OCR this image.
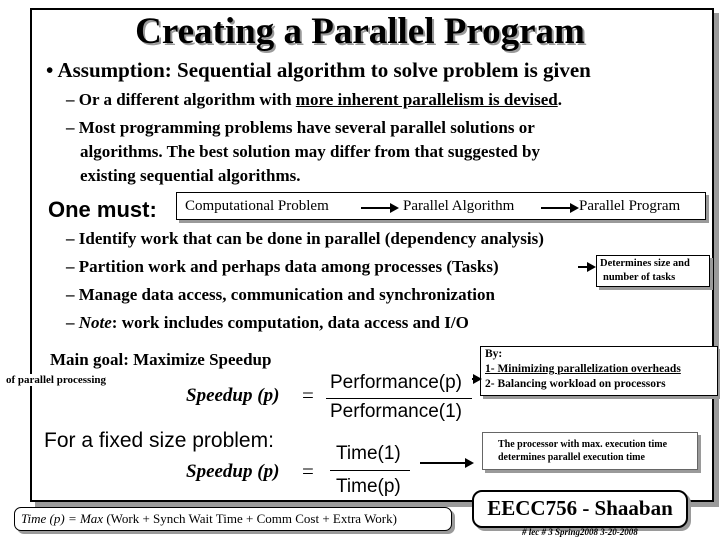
Creating a Parallel Program
• Assumption: Sequential algorithm to solve problem is given
– Or a different algorithm with more inherent parallelism is devised.
– Most programming problems have several parallel solutions or
algorithms. The best solution may differ from that suggested by
existing sequential algorithms.
One must: Computational Problem	Parallel Algorithm	Parallel Program
– Identify work that can be done in parallel (dependency analysis)
– Partition work and perhaps data among processes (Tasks)	Determines size and
number of tasks
– Manage data access, communication and synchronization
– Note: work includes computation, data access and I/O
Main goal: Maximize Speedup
of parallel processing
By:
1- Minimizing parallelization overheads
2- Balancing workload on processors
Speedup (p) =
Performance(p)
Performance(1)
For a fixed size problem:
Speedup (p) =
Time(1)
Time(p)
The processor with max. execution time
determines parallel execution time
Time (p) = Max (Work + Synch Wait Time + Comm Cost + Extra Work)	EECC756 - Shaaban
# lec # 3 Spring2008 3-20-2008
